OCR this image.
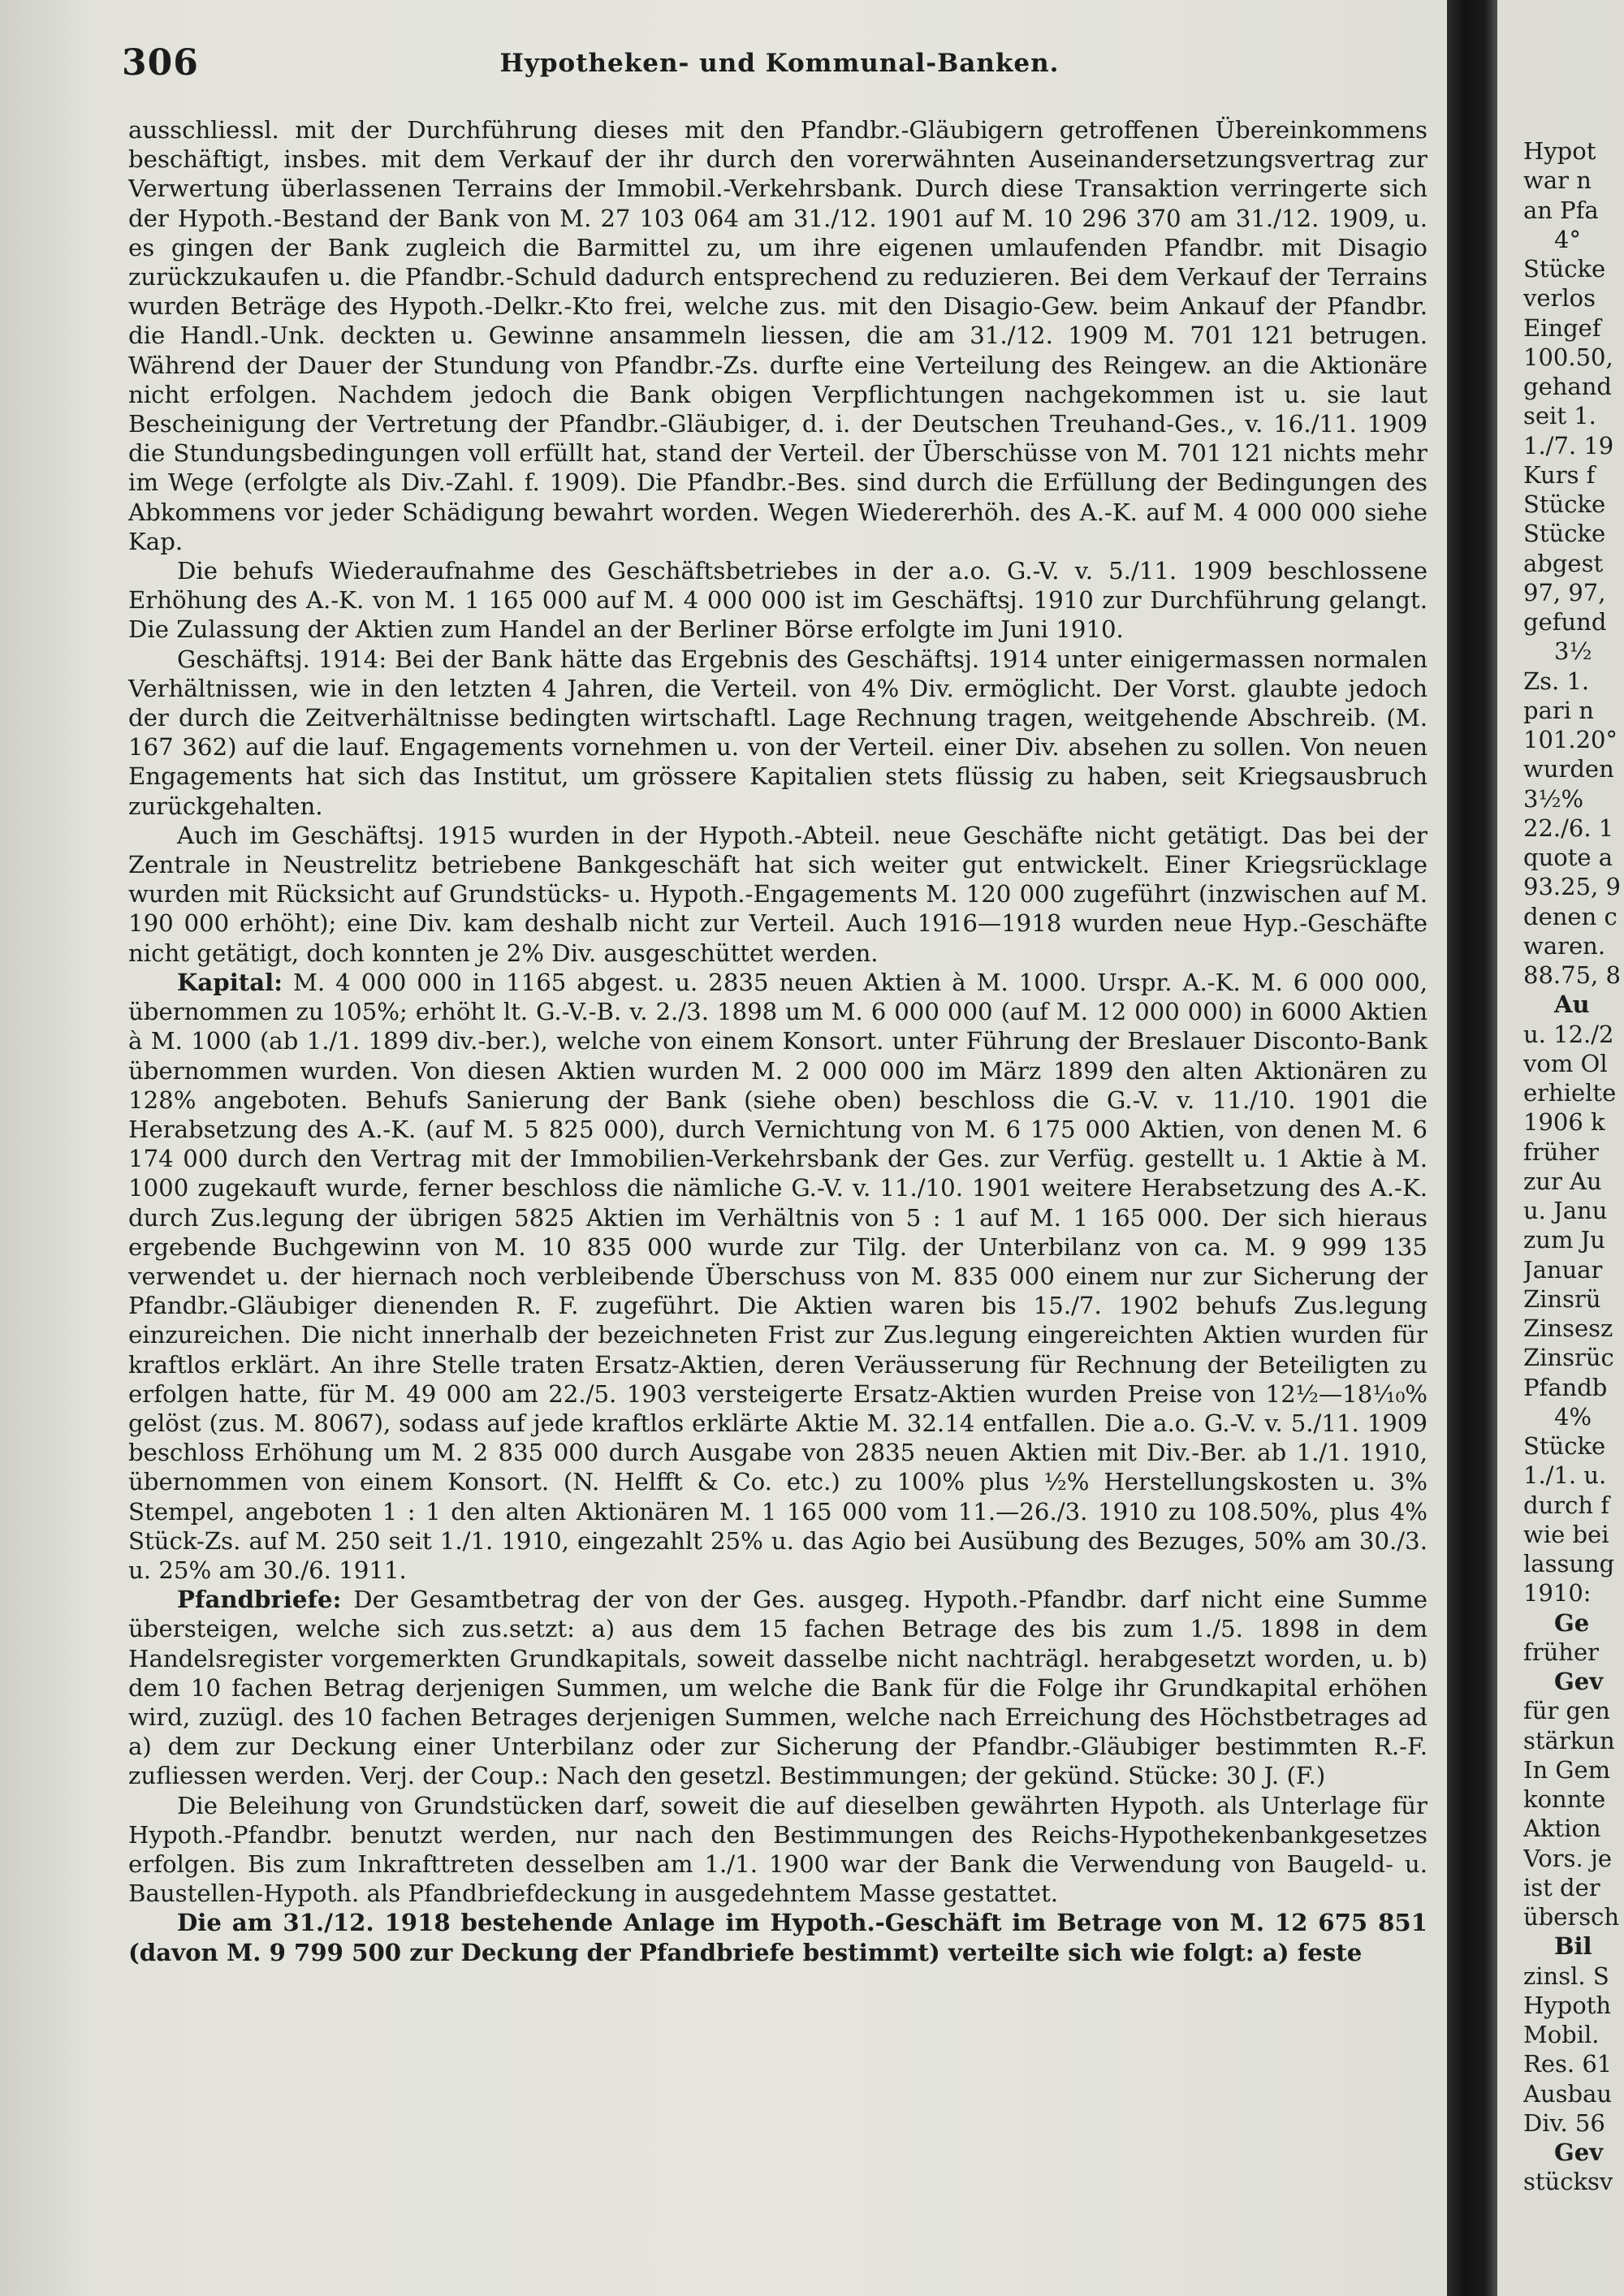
306	Hypotheken- und Kommunal-Banken.

ausschliessl. mit der Durchführung dieses mit den Pfandbr.-Gläubigern getroffenen Übereinkommens beschäftigt, insbes. mit dem Verkauf der ihr durch den vorerwähnten Auseinandersetzungsvertrag zur Verwertung überlassenen Terrains der Immobil.-Verkehrsbank. Durch diese Transaktion verringerte sich der Hypoth.-Bestand der Bank von M. 27 103 064 am 31./12. 1901 auf M. 10 296 370 am 31./12. 1909, u. es gingen der Bank zugleich die Barmittel zu, um ihre eigenen umlaufenden Pfandbr. mit Disagio zurückzukaufen u. die Pfandbr.-Schuld dadurch entsprechend zu reduzieren. Bei dem Verkauf der Terrains wurden Beträge des Hypoth.-Delkr.-Kto frei, welche zus. mit den Disagio-Gew. beim Ankauf der Pfandbr. die Handl.-Unk. deckten u. Gewinne ansammeln liessen, die am 31./12. 1909 M. 701 121 betrugen. Während der Dauer der Stundung von Pfandbr.-Zs. durfte eine Verteilung des Reingew. an die Aktionäre nicht erfolgen. Nachdem jedoch die Bank obigen Verpflichtungen nachgekommen ist u. sie laut Bescheinigung der Vertretung der Pfandbr.-Gläubiger, d. i. der Deutschen Treuhand-Ges., v. 16./11. 1909 die Stundungsbedingungen voll erfüllt hat, stand der Verteil. der Überschüsse von M. 701 121 nichts mehr im Wege (erfolgte als Div.-Zahl. f. 1909). Die Pfandbr.-Bes. sind durch die Erfüllung der Bedingungen des Abkommens vor jeder Schädigung bewahrt worden. Wegen Wiedererhöh. des A.-K. auf M. 4 000 000 siehe Kap.

Die behufs Wiederaufnahme des Geschäftsbetriebes in der a.o. G.-V. v. 5./11. 1909 beschlossene Erhöhung des A.-K. von M. 1 165 000 auf M. 4 000 000 ist im Geschäftsj. 1910 zur Durchführung gelangt. Die Zulassung der Aktien zum Handel an der Berliner Börse erfolgte im Juni 1910.

Geschäftsj. 1914: Bei der Bank hätte das Ergebnis des Geschäftsj. 1914 unter einigermassen normalen Verhältnissen, wie in den letzten 4 Jahren, die Verteil. von 4% Div. ermöglicht. Der Vorst. glaubte jedoch der durch die Zeitverhältnisse bedingten wirtschaftl. Lage Rechnung tragen, weitgehende Abschreib. (M. 167 362) auf die lauf. Engagements vornehmen u. von der Verteil. einer Div. absehen zu sollen. Von neuen Engagements hat sich das Institut, um grössere Kapitalien stets flüssig zu haben, seit Kriegsausbruch zurückgehalten.

Auch im Geschäftsj. 1915 wurden in der Hypoth.-Abteil. neue Geschäfte nicht getätigt. Das bei der Zentrale in Neustrelitz betriebene Bankgeschäft hat sich weiter gut entwickelt. Einer Kriegsrücklage wurden mit Rücksicht auf Grundstücks- u. Hypoth.-Engagements M. 120 000 zugeführt (inzwischen auf M. 190 000 erhöht); eine Div. kam deshalb nicht zur Verteil. Auch 1916—1918 wurden neue Hyp.-Geschäfte nicht getätigt, doch konnten je 2% Div. ausgeschüttet werden.

Kapital: M. 4 000 000 in 1165 abgest. u. 2835 neuen Aktien à M. 1000. Urspr. A.-K. M. 6 000 000, übernommen zu 105%; erhöht lt. G.-V.-B. v. 2./3. 1898 um M. 6 000 000 (auf M. 12 000 000) in 6000 Aktien à M. 1000 (ab 1./1. 1899 div.-ber.), welche von einem Konsort. unter Führung der Breslauer Disconto-Bank übernommen wurden. Von diesen Aktien wurden M. 2 000 000 im März 1899 den alten Aktionären zu 128% angeboten. Behufs Sanierung der Bank (siehe oben) beschloss die G.-V. v. 11./10. 1901 die Herabsetzung des A.-K. (auf M. 5 825 000), durch Vernichtung von M. 6 175 000 Aktien, von denen M. 6 174 000 durch den Vertrag mit der Immobilien-Verkehrsbank der Ges. zur Verfüg. gestellt u. 1 Aktie à M. 1000 zugekauft wurde, ferner beschloss die nämliche G.-V. v. 11./10. 1901 weitere Herabsetzung des A.-K. durch Zus.legung der übrigen 5825 Aktien im Verhältnis von 5 : 1 auf M. 1 165 000. Der sich hieraus ergebende Buchgewinn von M. 10 835 000 wurde zur Tilg. der Unterbilanz von ca. M. 9 999 135 verwendet u. der hiernach noch verbleibende Überschuss von M. 835 000 einem nur zur Sicherung der Pfandbr.-Gläubiger dienenden R. F. zugeführt. Die Aktien waren bis 15./7. 1902 behufs Zus.legung einzureichen. Die nicht innerhalb der bezeichneten Frist zur Zus.legung eingereichten Aktien wurden für kraftlos erklärt. An ihre Stelle traten Ersatz-Aktien, deren Veräusserung für Rechnung der Beteiligten zu erfolgen hatte, für M. 49 000 am 22./5. 1903 versteigerte Ersatz-Aktien wurden Preise von 12½—18⅟₁₀% gelöst (zus. M. 8067), sodass auf jede kraftlos erklärte Aktie M. 32.14 entfallen. Die a.o. G.-V. v. 5./11. 1909 beschloss Erhöhung um M. 2 835 000 durch Ausgabe von 2835 neuen Aktien mit Div.-Ber. ab 1./1. 1910, übernommen von einem Konsort. (N. Helfft & Co. etc.) zu 100% plus ½% Herstellungskosten u. 3% Stempel, angeboten 1 : 1 den alten Aktionären M. 1 165 000 vom 11.—26./3. 1910 zu 108.50%, plus 4% Stück-Zs. auf M. 250 seit 1./1. 1910, eingezahlt 25% u. das Agio bei Ausübung des Bezuges, 50% am 30./3. u. 25% am 30./6. 1911.

Pfandbriefe: Der Gesamtbetrag der von der Ges. ausgeg. Hypoth.-Pfandbr. darf nicht eine Summe übersteigen, welche sich zus.setzt: a) aus dem 15 fachen Betrage des bis zum 1./5. 1898 in dem Handelsregister vorgemerkten Grundkapitals, soweit dasselbe nicht nachträgl. herabgesetzt worden, u. b) dem 10 fachen Betrag derjenigen Summen, um welche die Bank für die Folge ihr Grundkapital erhöhen wird, zuzügl. des 10 fachen Betrages derjenigen Summen, welche nach Erreichung des Höchstbetrages ad a) dem zur Deckung einer Unterbilanz oder zur Sicherung der Pfandbr.-Gläubiger bestimmten R.-F. zufliessen werden. Verj. der Coup.: Nach den gesetzl. Bestimmungen; der gekünd. Stücke: 30 J. (F.)

Die Beleihung von Grundstücken darf, soweit die auf dieselben gewährten Hypoth. als Unterlage für Hypoth.-Pfandbr. benutzt werden, nur nach den Bestimmungen des Reichs-Hypothekenbankgesetzes erfolgen. Bis zum Inkrafttreten desselben am 1./1. 1900 war der Bank die Verwendung von Baugeld- u. Baustellen-Hypoth. als Pfandbriefdeckung in ausgedehntem Masse gestattet.

Die am 31./12. 1918 bestehende Anlage im Hypoth.-Geschäft im Betrage von M. 12 675 851 (davon M. 9 799 500 zur Deckung der Pfandbriefe bestimmt) verteilte sich wie folgt: a) feste

Hypot
war n
an Pfa
4°
Stücke
verlos
Eingef
100.50,
gehand
seit 1.
1./7. 19
Kurs f
Stücke
Stücke
abgest
97, 97,
gefund
3½
Zs. 1.
pari n
101.20°
wurden
3½%
22./6. 1
quote a
93.25, 9
denen c
waren.
88.75, 8
Au
u. 12./2
vom Ol
erhielte
1906 k
früher
zur Au
u. Janu
zum Ju
Januar
Zinsrü
Zinsesz
Zinsrüc
Pfandb
4%
Stücke
1./1. u.
durch f
wie bei
lassung
1910:
Ge
früher
Gev
für gen
stärkun
In Gem
konnte
Aktion
Vors. je
ist der
übersch
Bil
zinsl. S
Hypoth
Mobil.
Res. 61
Ausbau
Div. 56
Gev
stücksv
